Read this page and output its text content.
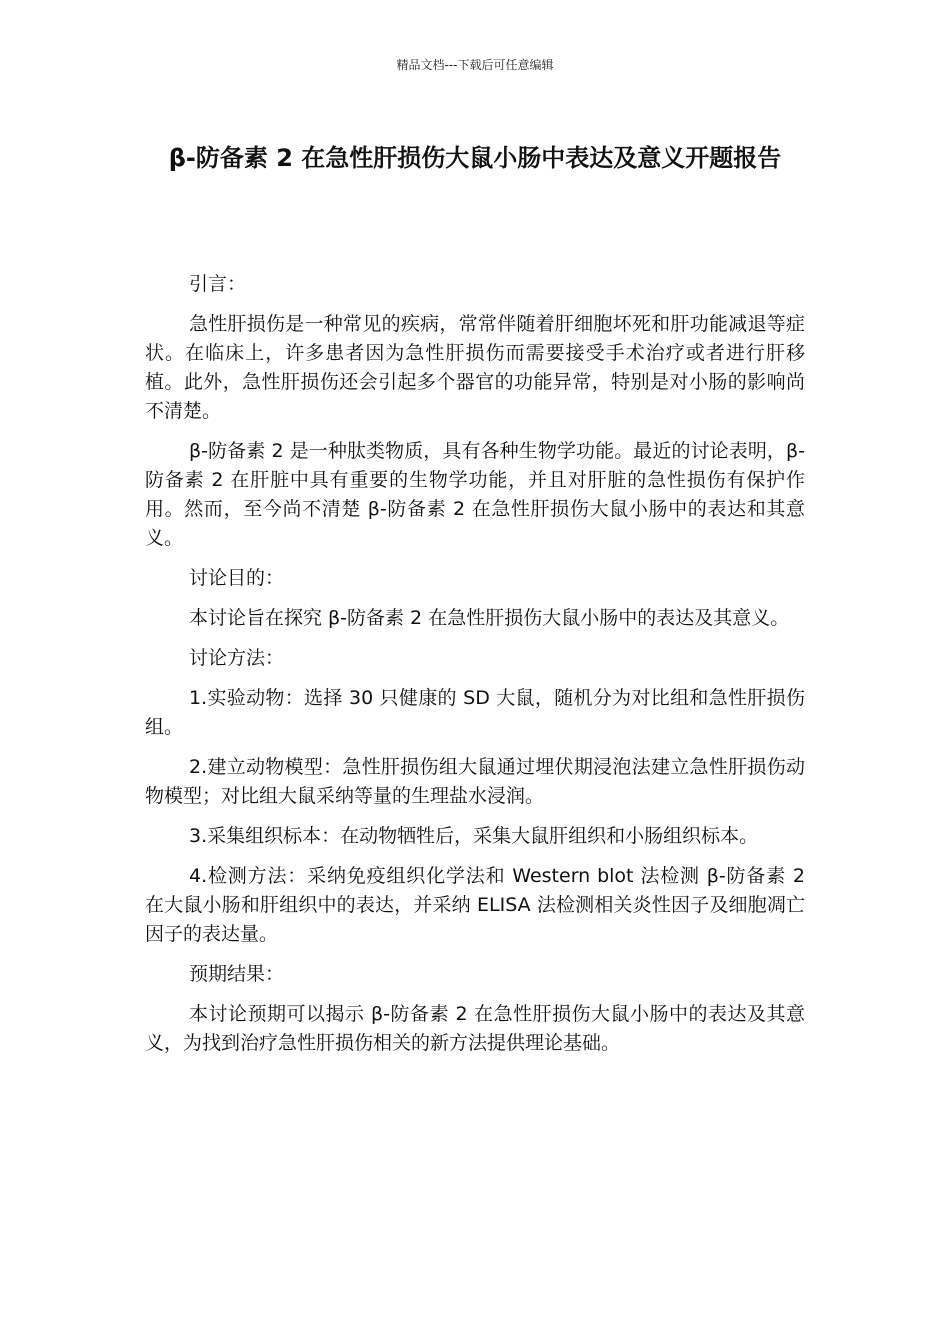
精品文档---下载后可任意编辑
β-防备素 2 在急性肝损伤大鼠小肠中表达及意义开题报告

引言：

急性肝损伤是一种常见的疾病，常常伴随着肝细胞坏死和肝功能减退等症状。在临床上，许多患者因为急性肝损伤而需要接受手术治疗或者进行肝移植。此外，急性肝损伤还会引起多个器官的功能异常，特别是对小肠的影响尚不清楚。

β-防备素 2 是一种肽类物质，具有各种生物学功能。最近的讨论表明，β-防备素 2 在肝脏中具有重要的生物学功能，并且对肝脏的急性损伤有保护作用。然而，至今尚不清楚 β-防备素 2 在急性肝损伤大鼠小肠中的表达和其意义。

讨论目的：

本讨论旨在探究 β-防备素 2 在急性肝损伤大鼠小肠中的表达及其意义。

讨论方法：

1.实验动物：选择 30 只健康的 SD 大鼠，随机分为对比组和急性肝损伤组。

2.建立动物模型：急性肝损伤组大鼠通过埋伏期浸泡法建立急性肝损伤动物模型；对比组大鼠采纳等量的生理盐水浸润。

3.采集组织标本：在动物牺牲后，采集大鼠肝组织和小肠组织标本。

4.检测方法：采纳免疫组织化学法和 Western blot 法检测 β-防备素 2 在大鼠小肠和肝组织中的表达，并采纳 ELISA 法检测相关炎性因子及细胞凋亡因子的表达量。

预期结果：

本讨论预期可以揭示 β-防备素 2 在急性肝损伤大鼠小肠中的表达及其意义，为找到治疗急性肝损伤相关的新方法提供理论基础。
